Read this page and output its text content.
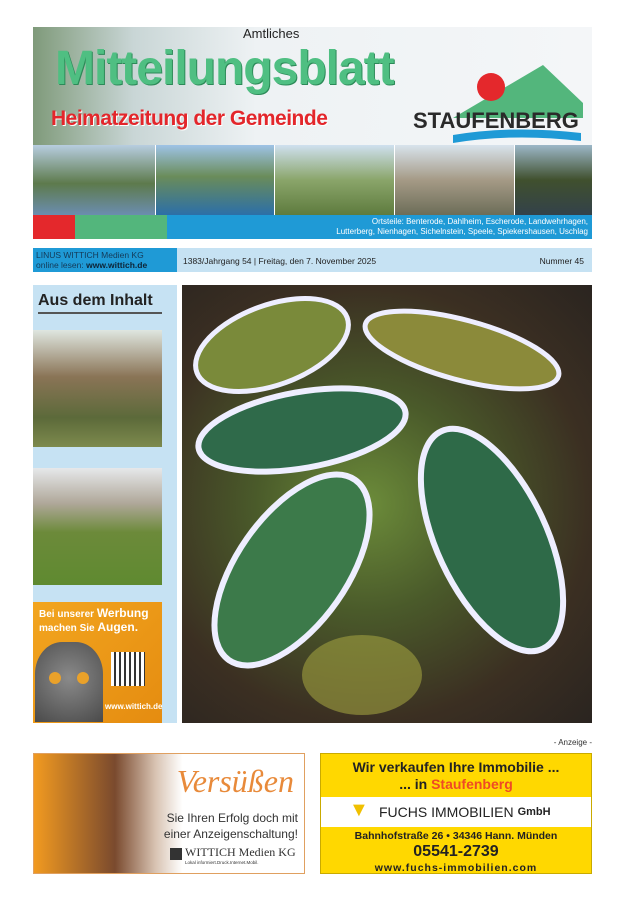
Amtliches
Mitteilungsblatt
Heimatzeitung der Gemeinde	STAUFENBERG
Ortsteile: Benterode, Dahlheim, Escherode, Landwehrhagen,
Lutterberg, Nienhagen, Sichelnstein, Speele, Spiekershausen, Uschlag
LINUS WITTICH Medien KG
online lesen: www.wittich.de	1383/Jahrgang 54 | Freitag, den 7. November 2025	Nummer 45
Aus dem Inhalt
Bei unserer Werbung
machen Sie Augen.
www.wittich.de
- Anzeige -
Versüßen
Sie Ihren Erfolg doch mit
einer Anzeigenschaltung!
WITTICH Medien KG
Lokal informiert.Druck.Internet.Mobil.
Wir verkaufen Ihre Immobilie ...
... in Staufenberg
▼ FUCHS IMMOBILIEN GmbH
Bahnhofstraße 26 • 34346 Hann. Münden
05541-2739
www.fuchs-immobilien.com
